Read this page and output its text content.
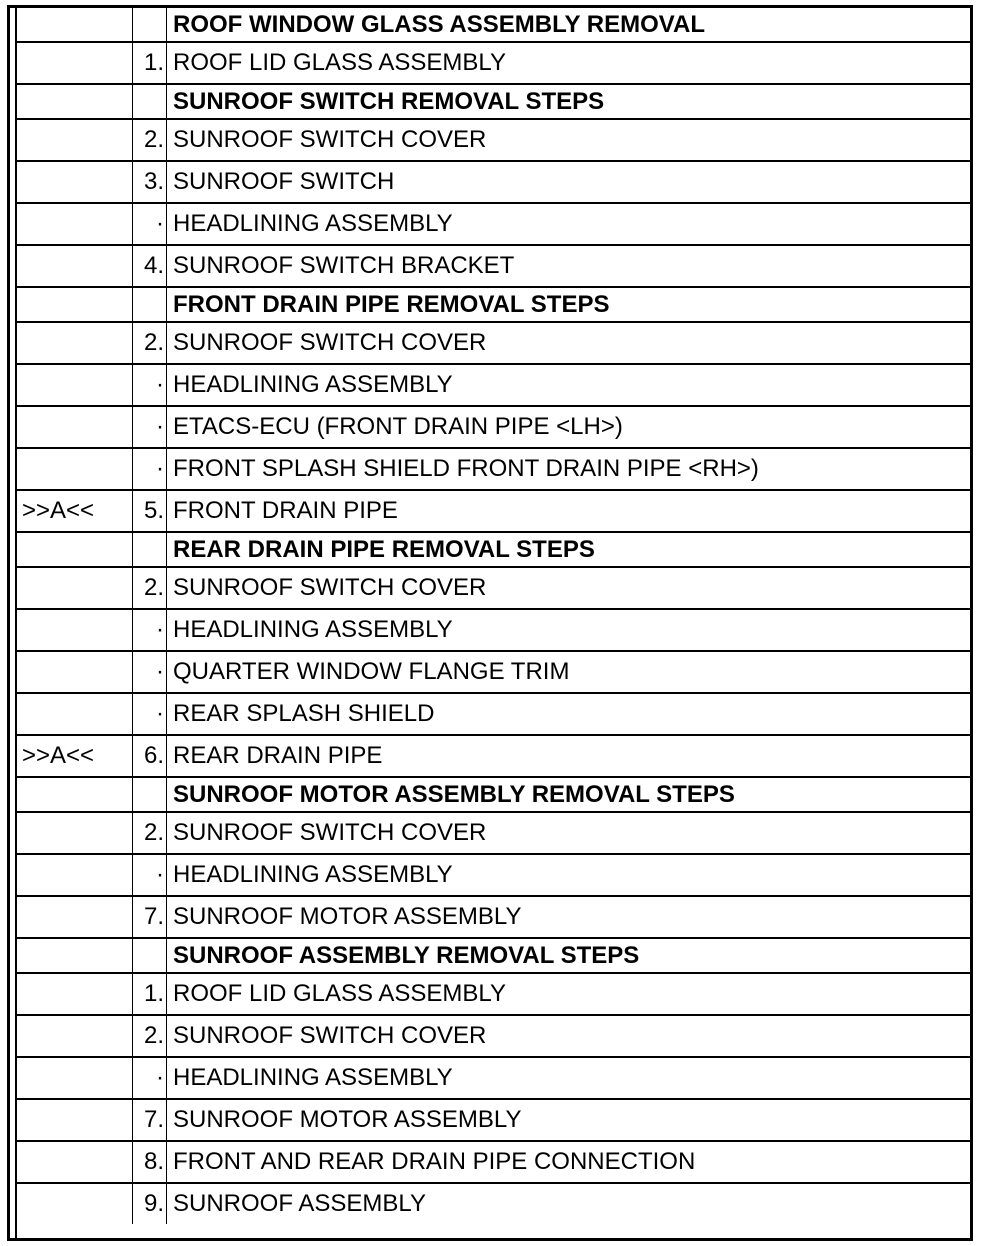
		ROOF WINDOW GLASS ASSEMBLY REMOVAL
	1.	ROOF LID GLASS ASSEMBLY
		SUNROOF SWITCH REMOVAL STEPS
	2.	SUNROOF SWITCH COVER
	3.	SUNROOF SWITCH
	·	HEADLINING ASSEMBLY
	4.	SUNROOF SWITCH BRACKET
		FRONT DRAIN PIPE REMOVAL STEPS
	2.	SUNROOF SWITCH COVER
	·	HEADLINING ASSEMBLY
	·	ETACS-ECU (FRONT DRAIN PIPE <LH>)
	·	FRONT SPLASH SHIELD FRONT DRAIN PIPE <RH>)
>>A<<	5.	FRONT DRAIN PIPE
		REAR DRAIN PIPE REMOVAL STEPS
	2.	SUNROOF SWITCH COVER
	·	HEADLINING ASSEMBLY
	·	QUARTER WINDOW FLANGE TRIM
	·	REAR SPLASH SHIELD
>>A<<	6.	REAR DRAIN PIPE
		SUNROOF MOTOR ASSEMBLY REMOVAL STEPS
	2.	SUNROOF SWITCH COVER
	·	HEADLINING ASSEMBLY
	7.	SUNROOF MOTOR ASSEMBLY
		SUNROOF ASSEMBLY REMOVAL STEPS
	1.	ROOF LID GLASS ASSEMBLY
	2.	SUNROOF SWITCH COVER
	·	HEADLINING ASSEMBLY
	7.	SUNROOF MOTOR ASSEMBLY
	8.	FRONT AND REAR DRAIN PIPE CONNECTION
	9.	SUNROOF ASSEMBLY
